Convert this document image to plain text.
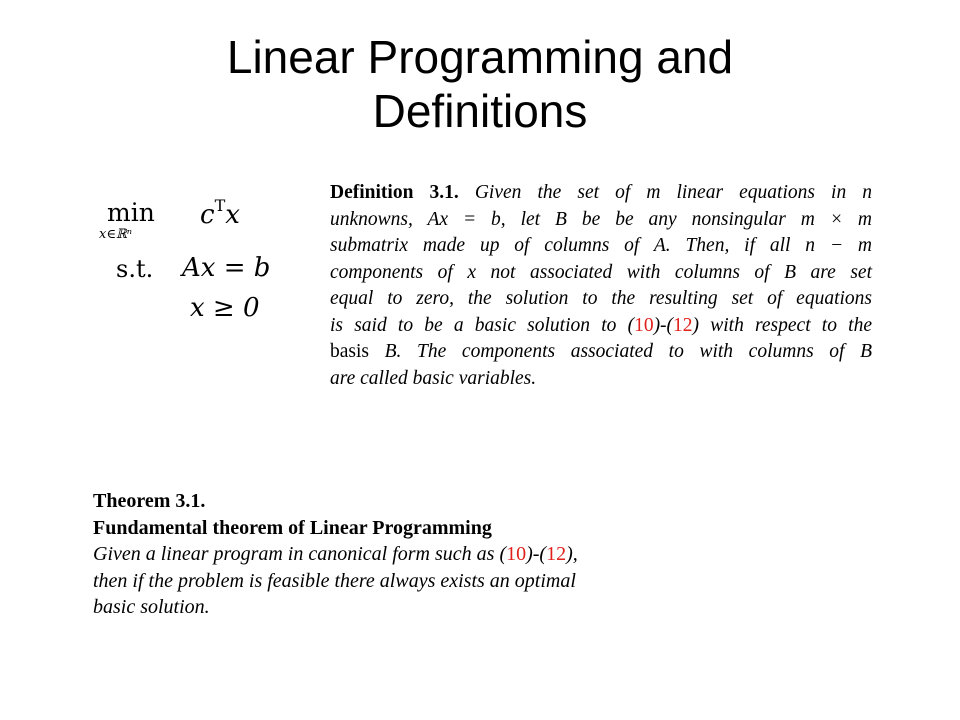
Linear Programming and
Definitions
min
x∈ℝⁿ
$c^Tx$
s.t. Ax = b
x ≥ 0
Definition 3.1. Given the set of m linear equations in n
unknowns, Ax = b, let B be be any nonsingular m × m
submatrix made up of columns of A. Then, if all n − m
components of x not associated with columns of B are set
equal to zero, the solution to the resulting set of equations
is said to be a basic solution to (10)-(12) with respect to the
basis B. The components associated to with columns of B
are called basic variables.
Theorem 3.1.
Fundamental theorem of Linear Programming
Given a linear program in canonical form such as (10)-(12),
then if the problem is feasible there always exists an optimal
basic solution.
